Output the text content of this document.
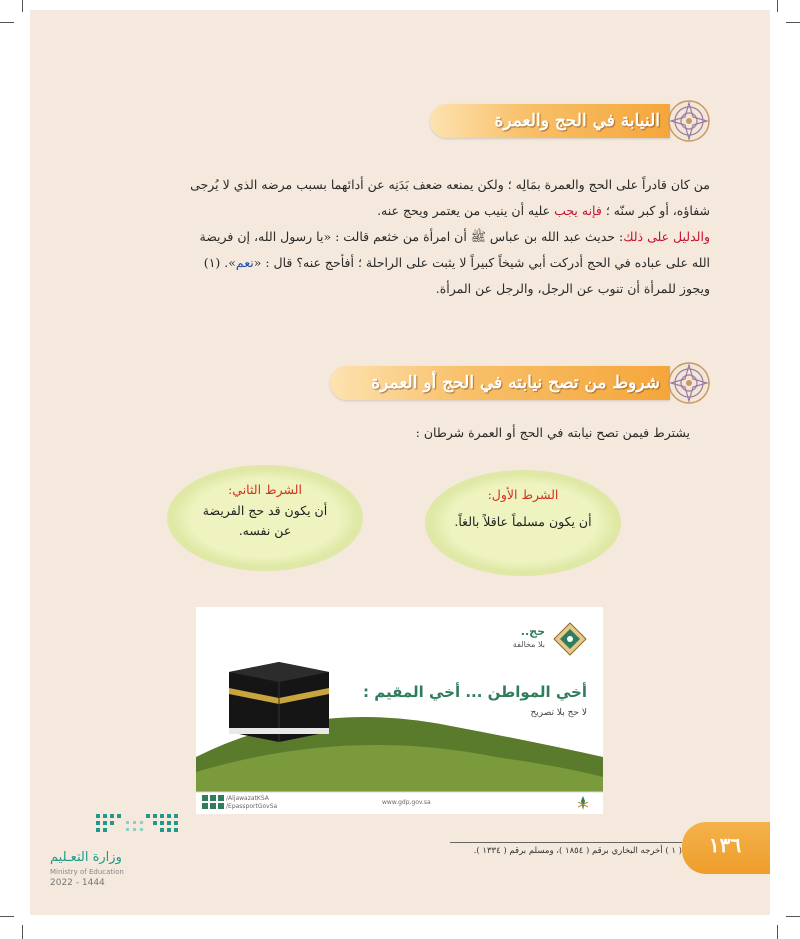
النيابة في الحج والعمرة
من كان قادراً على الحج والعمرة بمَالِه ؛ ولكن يمنعه ضعف بَدَنِه عن أدائهما بسبب مرضه الذي لا يُرجى
شفاؤه، أو كبر سنّه ؛ فإنه يجب عليه أن ينيب من يعتمر ويحج عنه.
والدليل على ذلك: حديث عبد الله بن عباس ﷺ أن امرأة من خثعم قالت : «يا رسول الله، إن فريضة
الله على عباده في الحج أدركت أبي شيخاً كبيراً لا يثبت على الراحلة ؛ أفأحج عنه؟ قال : «نعم». (١)
ويجوز للمرأة أن تنوب عن الرجل، والرجل عن المرأة.
شروط من تصح نيابته في الحج أو العمرة
يشترط فيمن تصح نيابته في الحج أو العمرة شرطان :
الشرط الأول:
أن يكون مسلماً عاقلاً بالغاً.
الشرط الثاني:
أن يكون قد حج الفريضة
عن نفسه.
حج..
بلا مخالفة
أخي المواطن ... أخي المقيم :
لا حج بلا تصريح
/AljawazatKSA
/EpassportGovSa
www.gdp.gov.sa
وزارة التعـليم
Ministry of Education
2022 - 1444
( ١ ) أخرجه البخاري برقم ( ١٨٥٤ )، ومسلم برقم ( ١٣٣٤ ).	١٣٦
